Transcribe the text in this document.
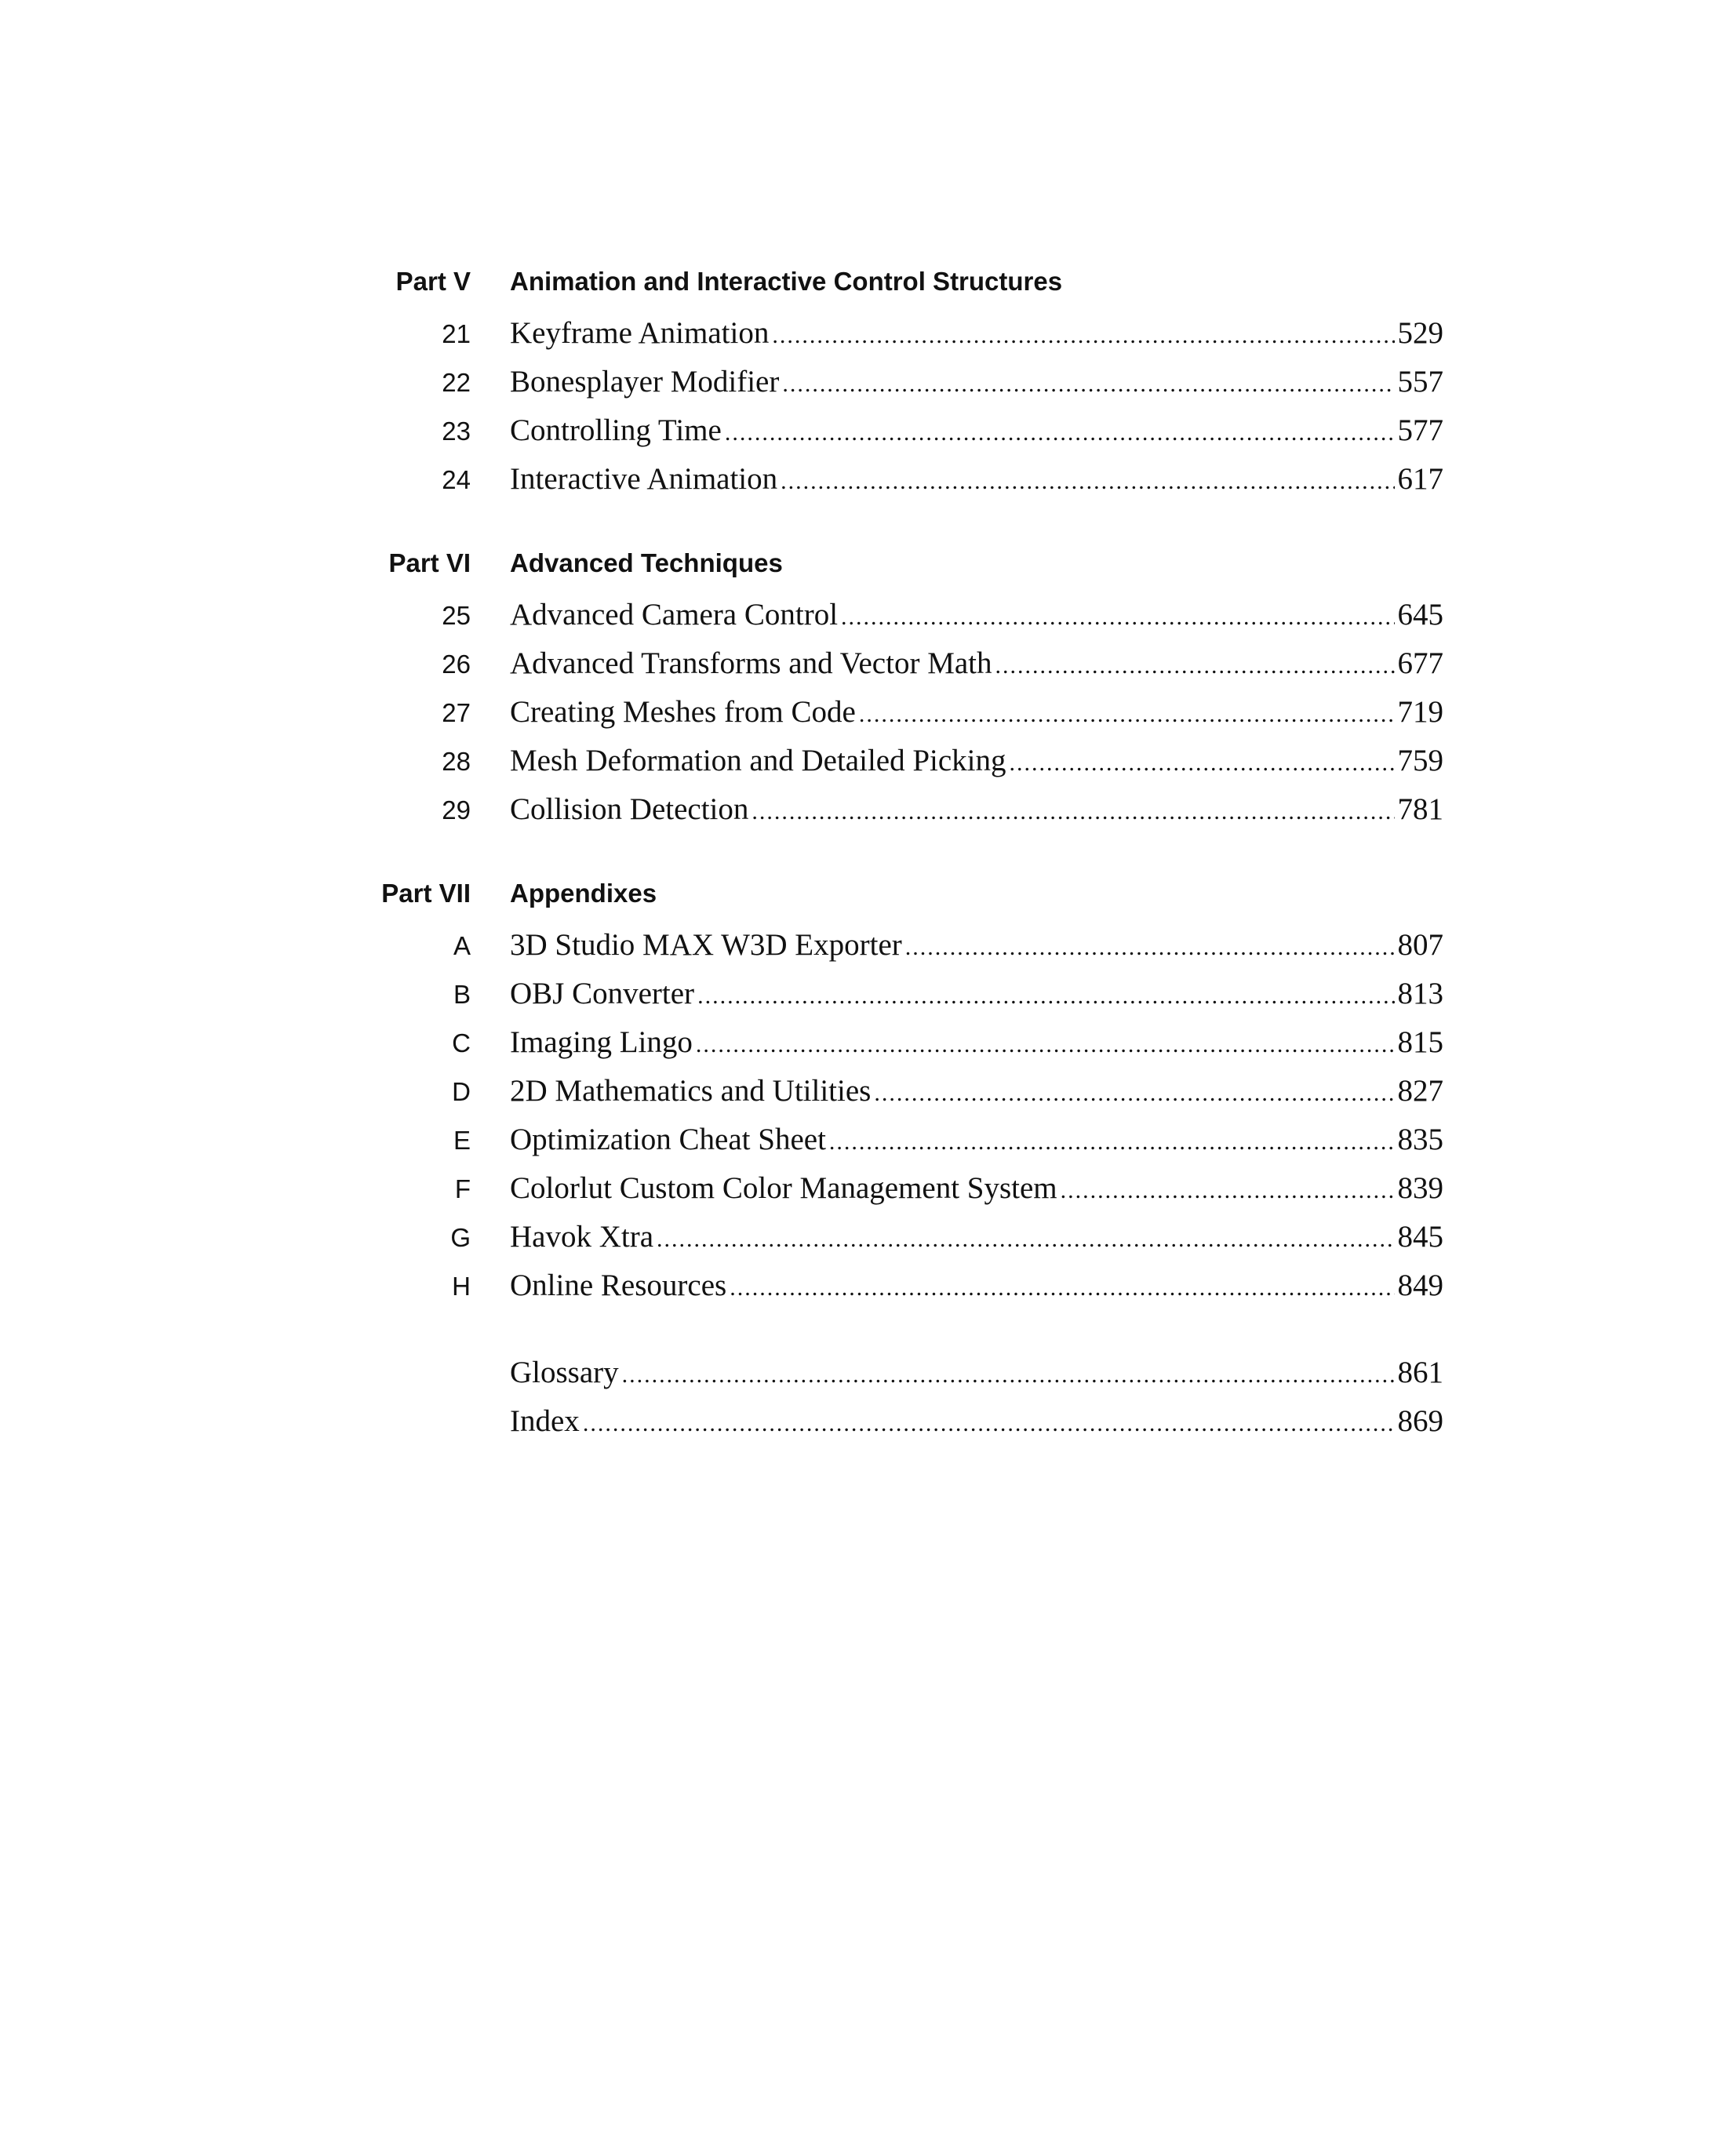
Part V Animation and Interactive Control Structures
21 Keyframe Animation .....	529
22 Bonesplayer Modifier .....	557
23 Controlling Time .....	577
24 Interactive Animation .....	617
Part VI Advanced Techniques
25 Advanced Camera Control .....	645
26 Advanced Transforms and Vector Math .....	677
27 Creating Meshes from Code .....	719
28 Mesh Deformation and Detailed Picking .....	759
29 Collision Detection .....	781
Part VII Appendixes
A 3D Studio MAX W3D Exporter .....	807
B OBJ Converter .....	813
C Imaging Lingo .....	815
D 2D Mathematics and Utilities .....	827
E Optimization Cheat Sheet .....	835
F Colorlut Custom Color Management System .....	839
G Havok Xtra .....	845
H Online Resources .....	849
Glossary .....	861
Index .....	869
